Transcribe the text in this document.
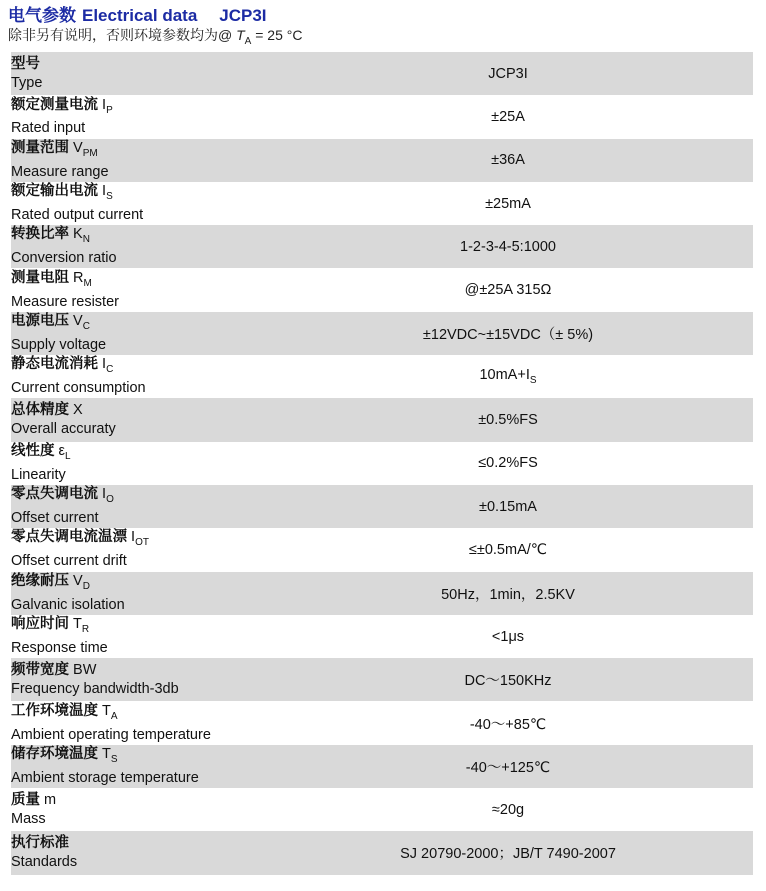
电气参数 Electrical data JCP3I
除非另有说明，否则环境参数均为@ $T_A = 25$ °C
型号
Type	JCP3I

额定测量电流 $I_P$
Rated input	±25A

测量范围 $V_{PM}$
Measure range	±36A

额定输出电流 $I_S$
Rated output current	±25mA

转换比率 $K_N$
Conversion ratio	1-2-3-4-5:1000

测量电阻 $R_M$
Measure resister	@±25A 315Ω

电源电压 $V_C$
Supply voltage	±12VDC~±15VDC（± 5%)

静态电流消耗 $I_C$
Current consumption	$10mA+I_S$

总体精度 X
Overall accuraty	±0.5%FS

线性度 $\varepsilon_L$
Linearity	≤0.2%FS

零点失调电流 $I_O$
Offset current	±0.15mA

零点失调电流温漂 $I_{OT}$
Offset current drift	≤±0.5mA/℃

绝缘耐压 $V_D$
Galvanic isolation	50Hz，1min，2.5KV

响应时间 $T_R$
Response time	<1μs

频带宽度 BW
Frequency bandwidth-3db	DC～150KHz

工作环境温度 $T_A$
Ambient operating temperature	-40～+85℃

储存环境温度 $T_S$
Ambient storage temperature	-40～+125℃

质量 m
Mass	≈20g

执行标准
Standards	SJ 20790-2000；JB/T 7490-2007
